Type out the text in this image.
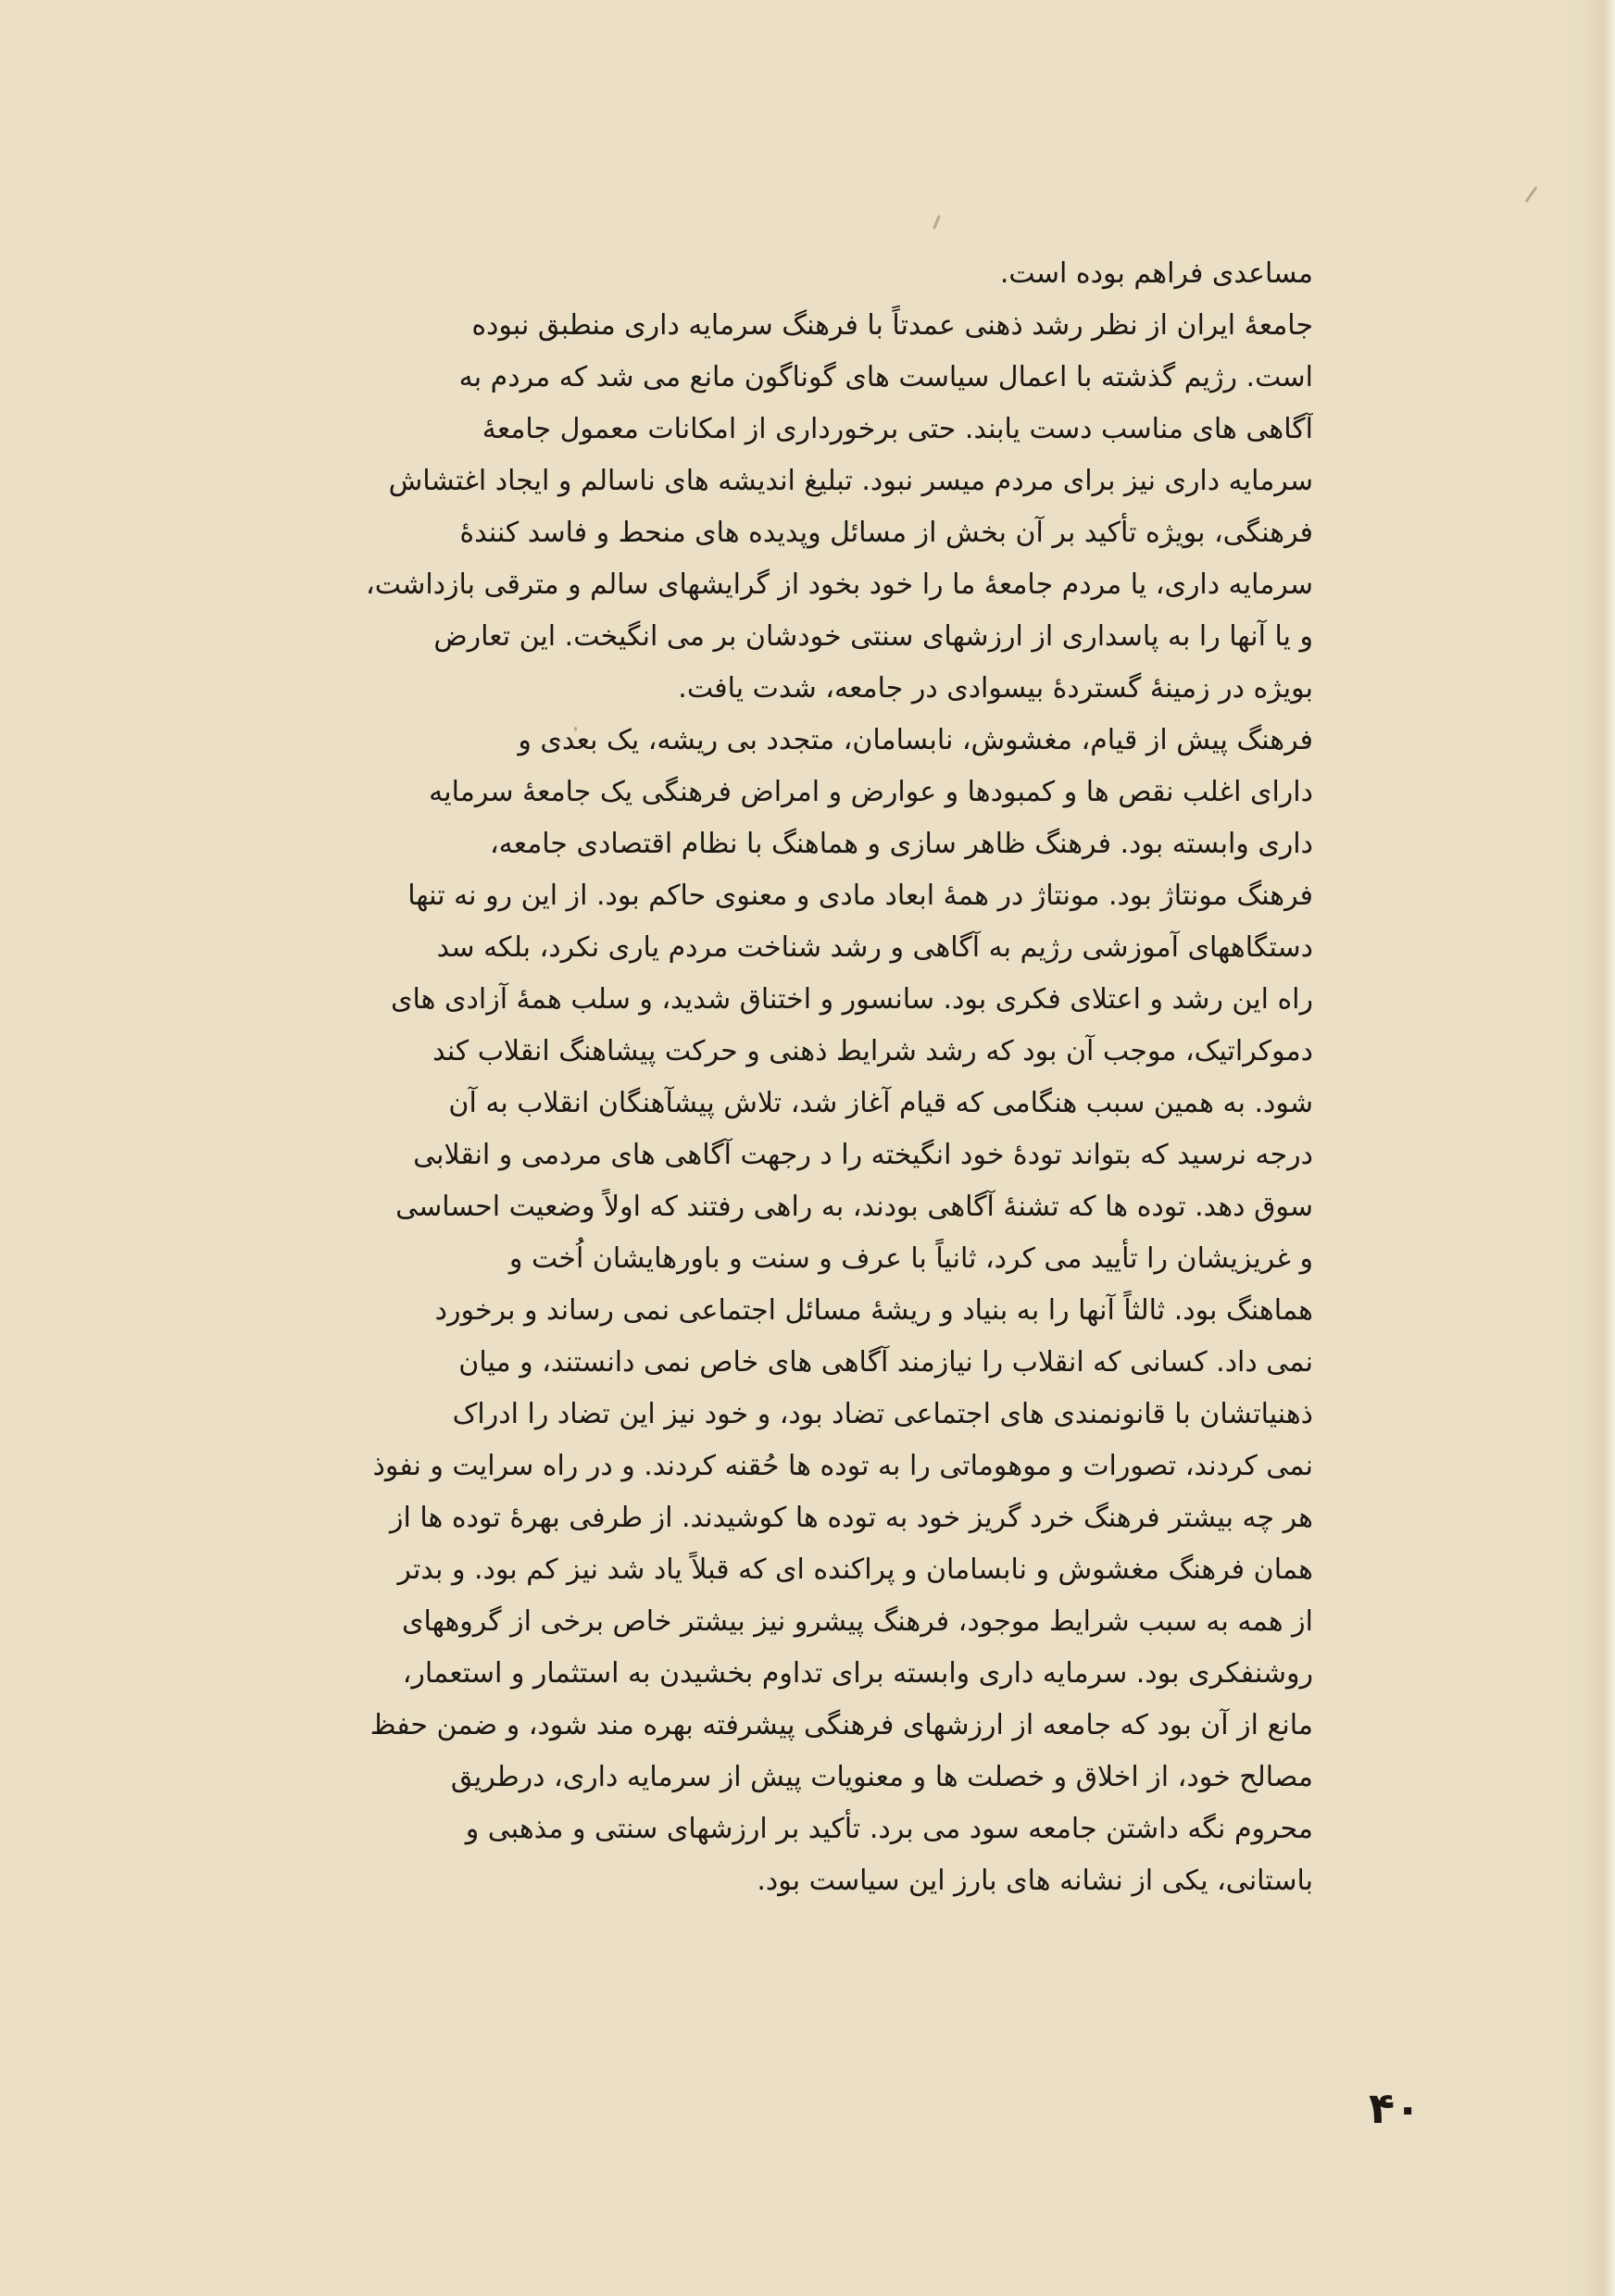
مساعدی فراهم بوده است.
جامعهٔ ایران از نظر رشد ذهنی عمدتاً با فرهنگ سرمایه داری منطبق نبوده
است. رژیم گذشته با اعمال سیاست های گوناگون مانع می شد که مردم به
آگاهی های مناسب دست یابند. حتی برخورداری از امکانات معمول جامعهٔ
سرمایه داری نیز برای مردم میسر نبود. تبلیغ اندیشه های ناسالم و ایجاد اغتشاش
فرهنگی، بویژه تأکید بر آن بخش از مسائل وپدیده های منحط و فاسد کنندهٔ
سرمایه داری، یا مردم جامعهٔ ما را خود بخود از گرایشهای سالم و مترقی بازداشت،
و یا آنها را به پاسداری از ارزشهای سنتی خودشان بر می انگیخت. این تعارض
بویژه در زمینهٔ گستردهٔ بیسوادی در جامعه، شدت یافت.
فرهنگ پیش از قیام، مغشوش، نابسامان، متجدد بی ریشه، یک بعدی و
دارای اغلب نقص ها و کمبودها و عوارض و امراض فرهنگی یک جامعهٔ سرمایه
داری وابسته بود. فرهنگ ظاهر سازی و هماهنگ با نظام اقتصادی جامعه،
فرهنگ مونتاژ بود. مونتاژ در همهٔ ابعاد مادی و معنوی حاکم بود. از این رو نه تنها
دستگاههای آموزشی رژیم به آگاهی و رشد شناخت مردم یاری نکرد، بلکه سد
راه این رشد و اعتلای فکری بود. سانسور و اختناق شدید، و سلب همهٔ آزادی های
دموکراتیک، موجب آن بود که رشد شرایط ذهنی و حرکت پیشاهنگ انقلاب کند
شود. به همین سبب هنگامی که قیام آغاز شد، تلاش پیشآهنگان انقلاب به آن
درجه نرسید که بتواند تودهٔ خود انگیخته را د رجهت آگاهی های مردمی و انقلابی
سوق دهد. توده ها که تشنهٔ آگاهی بودند، به راهی رفتند که اولاً وضعیت احساسی
و غریزیشان را تأیید می کرد، ثانیاً با عرف و سنت و باورهایشان اُخت و
هماهنگ بود. ثالثاً آنها را به بنیاد و ریشهٔ مسائل اجتماعی نمی رساند و برخورد
نمی داد. کسانی که انقلاب را نیازمند آگاهی های خاص نمی دانستند، و میان
ذهنیاتشان با قانونمندی های اجتماعی تضاد بود، و خود نیز این تضاد را ادراک
نمی کردند، تصورات و موهوماتی را به توده ها حُقنه کردند. و در راه سرایت و نفوذ
هر چه بیشتر فرهنگ خرد گریز خود به توده ها کوشیدند. از طرفی بهرهٔ توده ها از
همان فرهنگ مغشوش و نابسامان و پراکنده ای که قبلاً یاد شد نیز کم بود. و بدتر
از همه به سبب شرایط موجود، فرهنگ پیشرو نیز بیشتر خاص برخی از گروههای
روشنفکری بود. سرمایه داری وابسته برای تداوم بخشیدن به استثمار و استعمار،
مانع از آن بود که جامعه از ارزشهای فرهنگی پیشرفته بهره مند شود، و ضمن حفظ
مصالح خود، از اخلاق و خصلت ها و معنویات پیش از سرمایه داری، درطریق
محروم نگه داشتن جامعه سود می برد. تأکید بر ارزشهای سنتی و مذهبی و
باستانی، یکی از نشانه های بارز این سیاست بود.
۴۰
